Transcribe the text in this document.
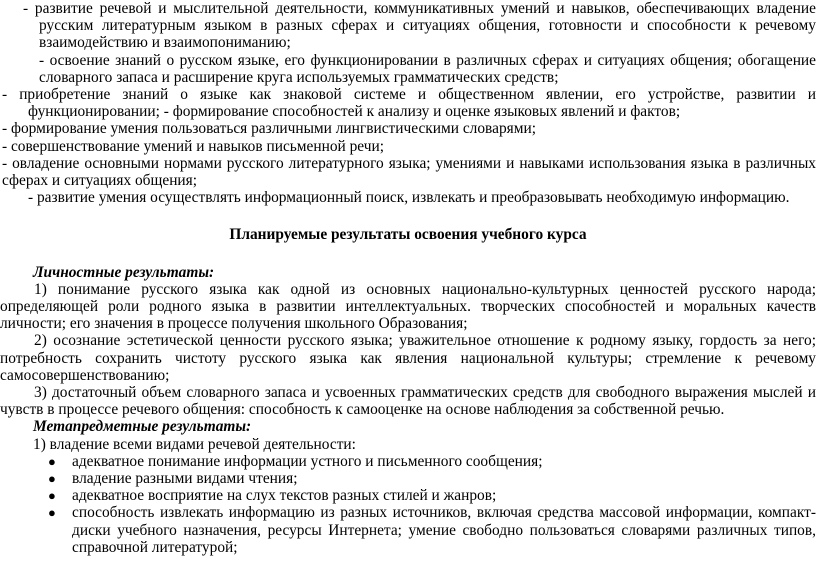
- развитие речевой и мыслительной деятельности, коммуникативных умений и навыков, обеспечивающих владение русским литературным языком в разных сферах и ситуациях общения, готовности и способности к речевому взаимодействию и взаимопониманию;

- освоение знаний о русском языке, его функционировании в различных сферах и ситуациях общения; обогащение словарного запаса и расширение круга используемых грамматических средств;

- приобретение знаний о языке как знаковой системе и общественном явлении, его устройстве, развитии и функционировании; - формирование способностей к анализу и оценке языковых явлений и фактов;

- формирование умения пользоваться различными лингвистическими словарями;

- совершенствование умений и навыков письменной речи;

- овладение основными нормами русского литературного языка; умениями и навыками использования языка в различных сферах и ситуациях общения;

- развитие умения осуществлять информационный поиск, извлекать и преобразовывать необходимую информацию.

Планируемые результаты освоения учебного курса

Личностные результаты:

1) понимание русского языка как одной из основных национально-культурных ценностей русского народа; определяющей роли родного языка в развитии интеллектуальных. творческих способностей и моральных качеств личности; его значения в процессе получения школьного Образования;

2) осознание эстетической ценности русского языка; уважительное отношение к родному языку, гордость за него; потребность сохранить чистоту русского языка как явления национальной культуры; стремление к речевому самосовершенствованию;

3) достаточный объем словарного запаса и усвоенных грамматических средств для свободного выражения мыслей и чувств в процессе речевого общения: способность к самооценке на основе наблюдения за собственной речью.

Метапредметные результаты:

1) владение всеми видами речевой деятельности:

● адекватное понимание информации устного и письменного сообщения;
● владение разными видами чтения;
● адекватное восприятие на слух текстов разных стилей и жанров;
● способность извлекать информацию из разных источников, включая средства массовой информации, компакт-диски учебного назначения, ресурсы Интернета; умение свободно пользоваться словарями различных типов, справочной литературой;
